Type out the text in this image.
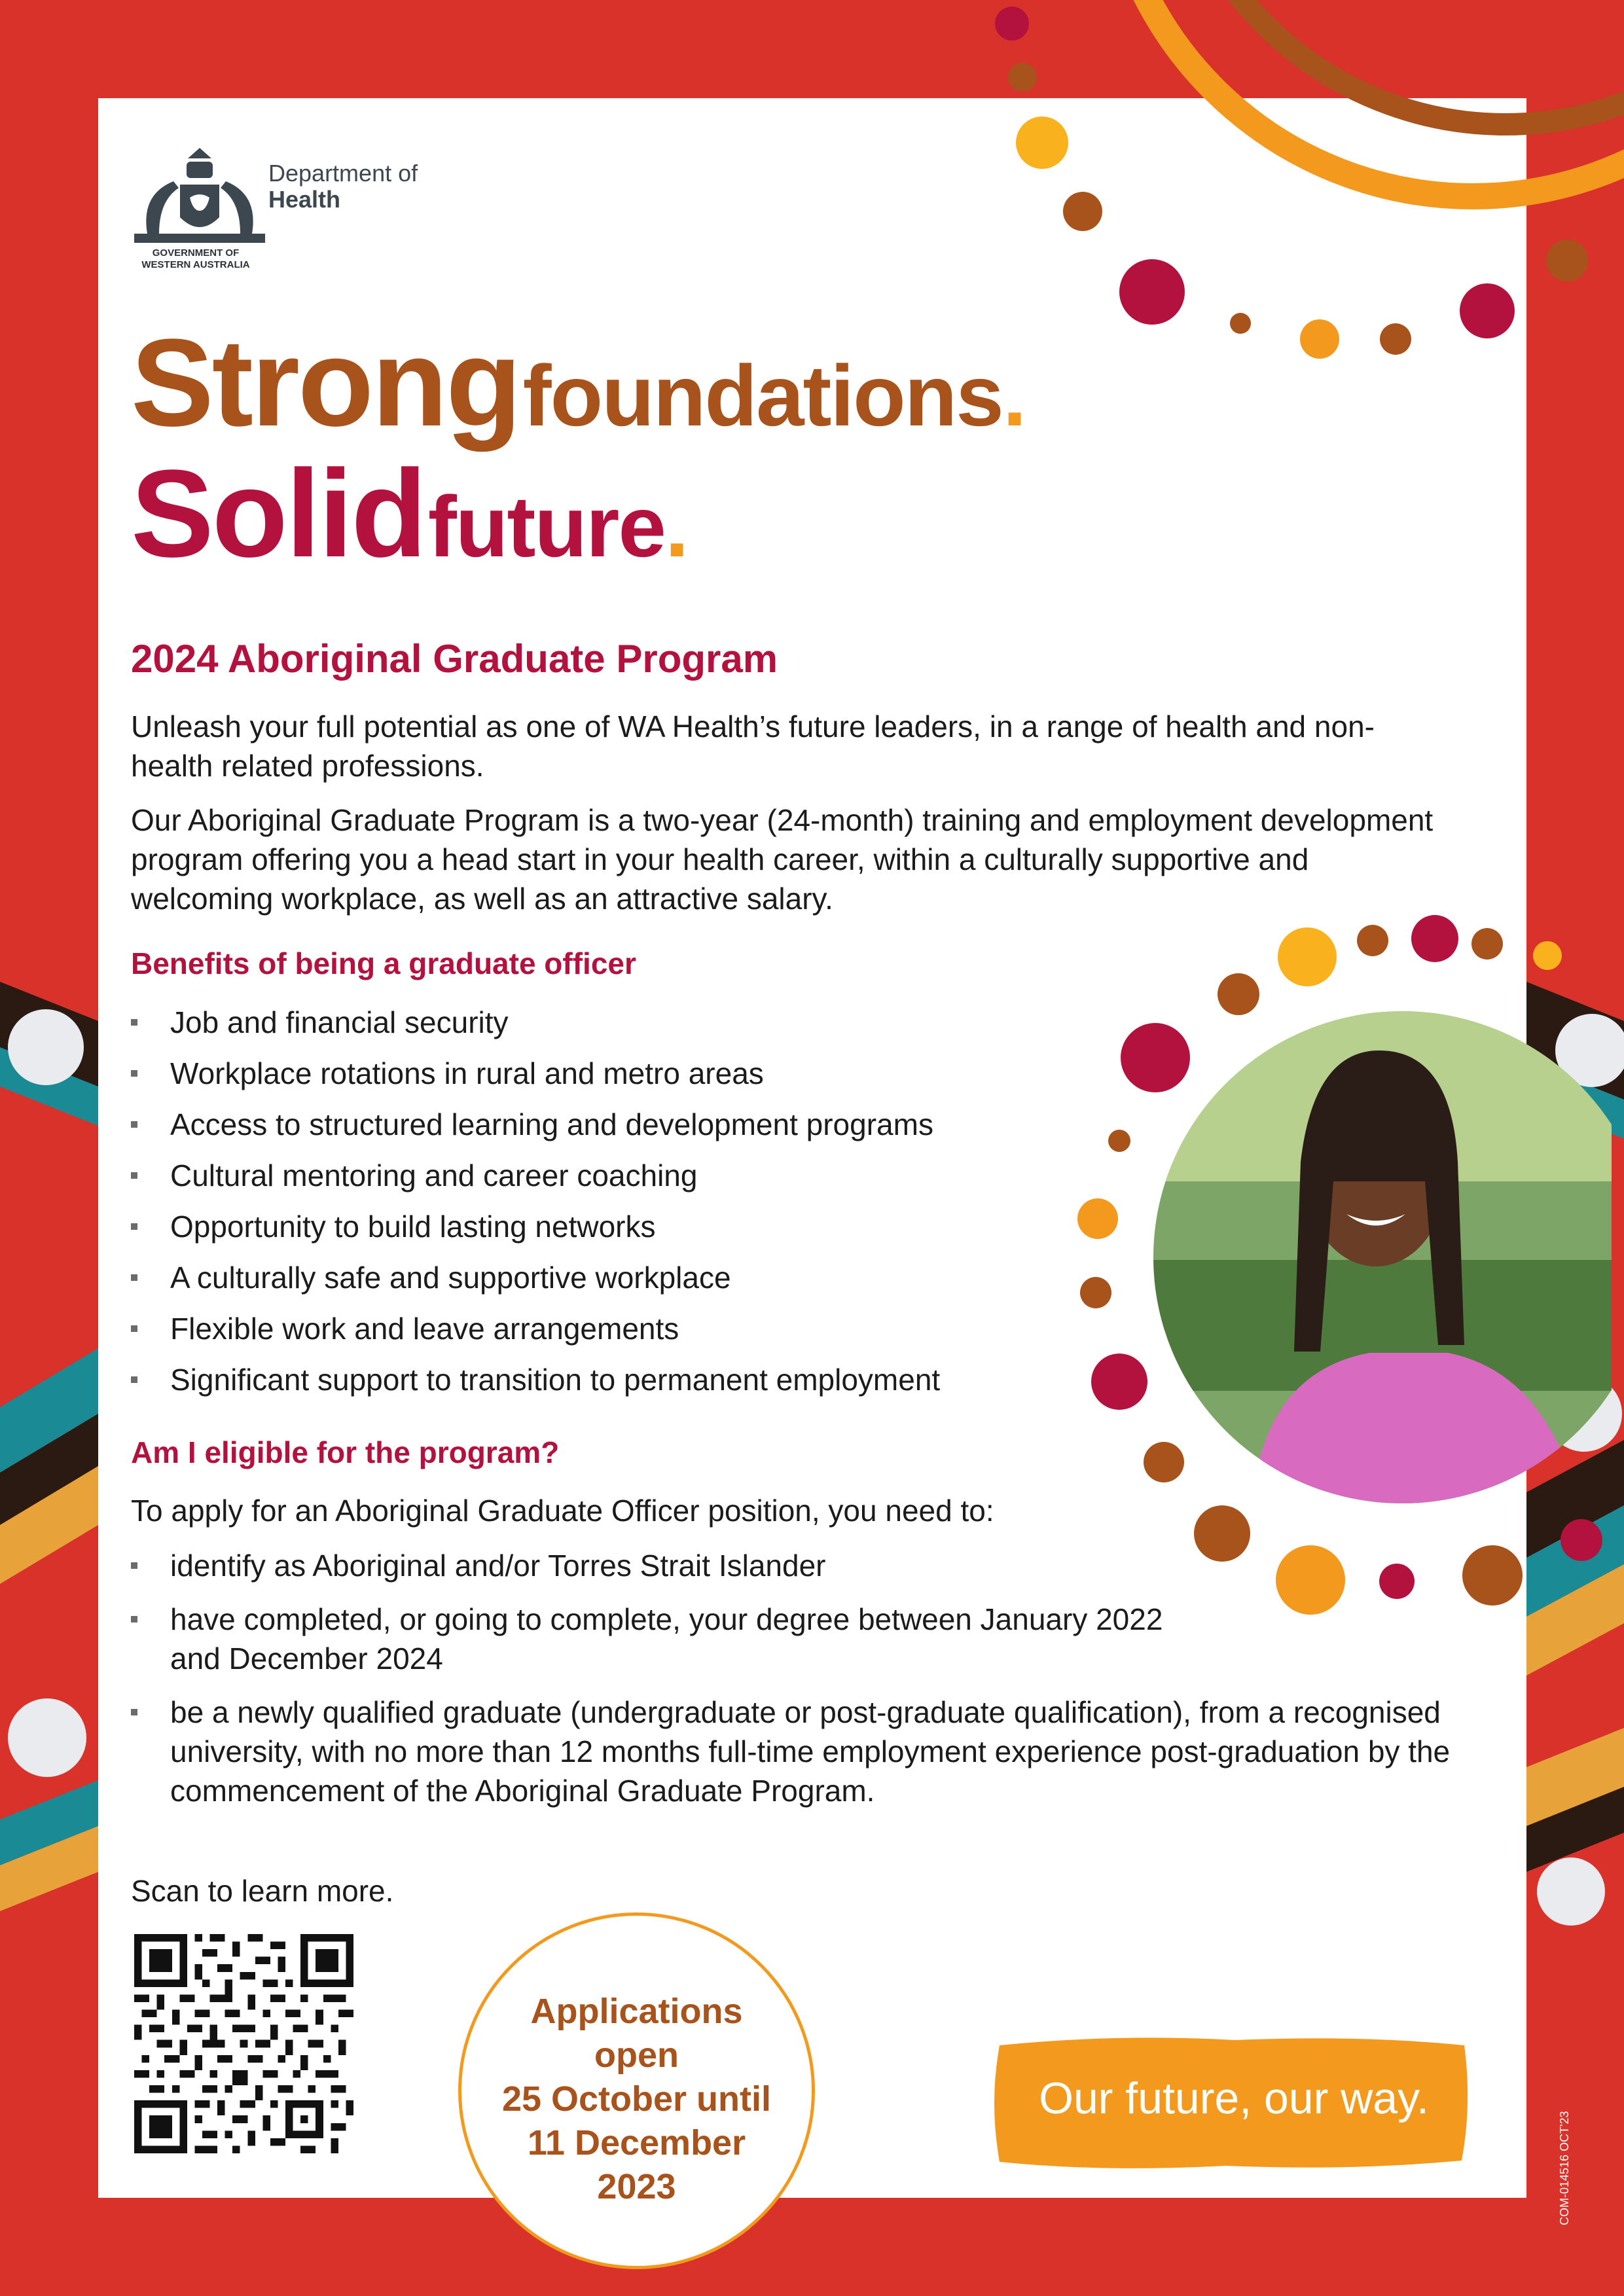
Department of
Health
GOVERNMENT OF
WESTERN AUSTRALIA
Strong foundations.
Solid future.
2024 Aboriginal Graduate Program
Unleash your full potential as one of WA Health’s future leaders, in a range of health and non-health related professions.
Our Aboriginal Graduate Program is a two-year (24-month) training and employment development program offering you a head start in your health career, within a culturally supportive and welcoming workplace, as well as an attractive salary.
Benefits of being a graduate officer
Job and financial security
Workplace rotations in rural and metro areas
Access to structured learning and development programs
Cultural mentoring and career coaching
Opportunity to build lasting networks
A culturally safe and supportive workplace
Flexible work and leave arrangements
Significant support to transition to permanent employment
Am I eligible for the program?
To apply for an Aboriginal Graduate Officer position, you need to:
identify as Aboriginal and/or Torres Strait Islander
have completed, or going to complete, your degree between January 2022 and December 2024
be a newly qualified graduate (undergraduate or post-graduate qualification), from a recognised university, with no more than 12 months full-time employment experience post-graduation by the commencement of the Aboriginal Graduate Program.
Scan to learn more.
Applications
open
25 October until
11 December
2023
Our future, our way.
COM-014516 OCT'23
